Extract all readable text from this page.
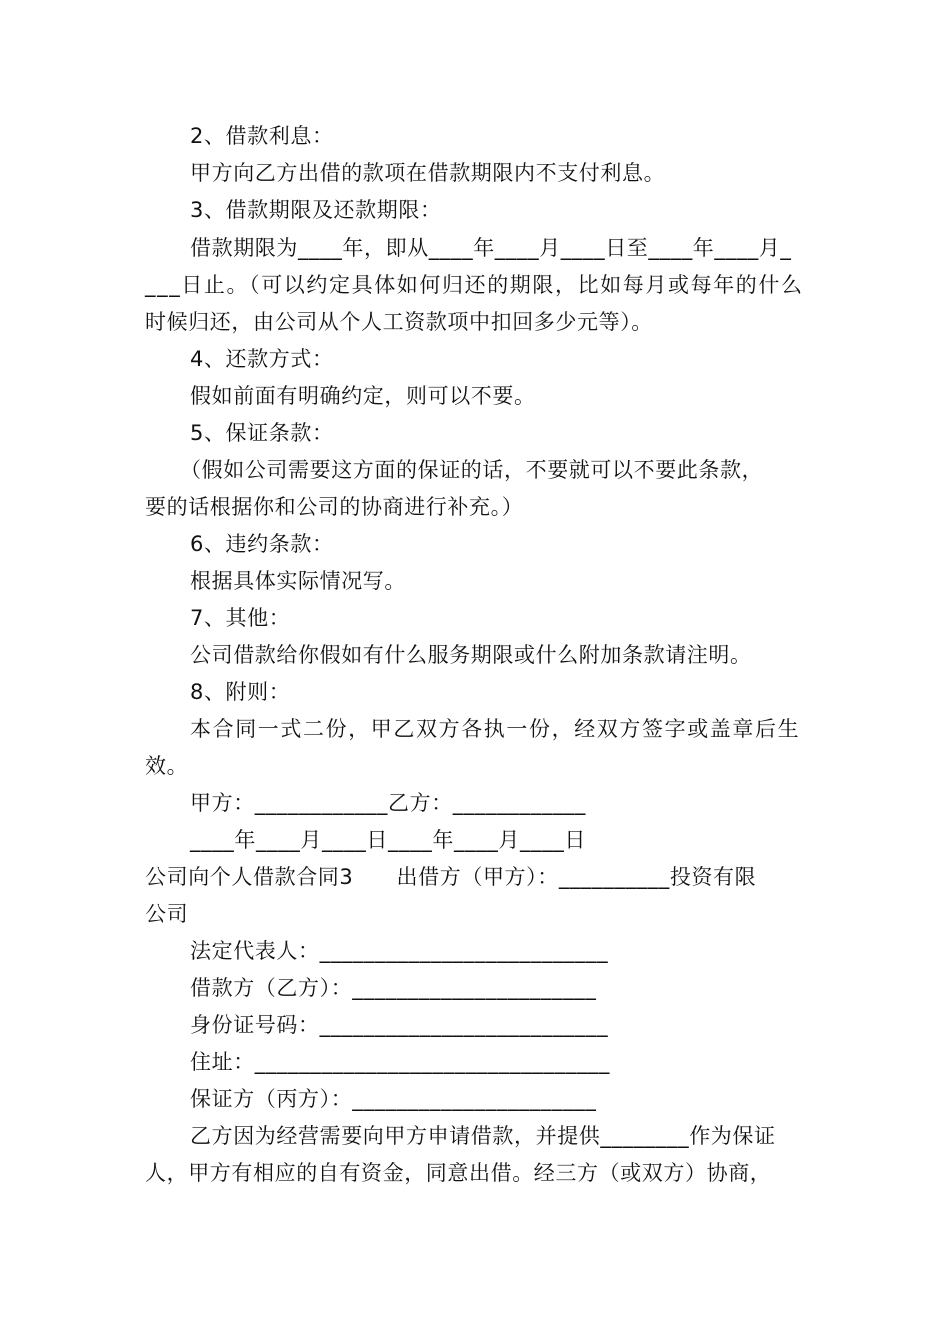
2、借款利息：
甲方向乙方出借的款项在借款期限内不支付利息。
3、借款期限及还款期限：
借款期限为____年，即从____年____月____日至____年____月_
___日止。（可以约定具体如何归还的期限，比如每月或每年的什么
时候归还，由公司从个人工资款项中扣回多少元等）。
4、还款方式：
假如前面有明确约定，则可以不要。
5、保证条款：
（假如公司需要这方面的保证的话，不要就可以不要此条款，
要的话根据你和公司的协商进行补充。）
6、违约条款：
根据具体实际情况写。
7、其他：
公司借款给你假如有什么服务期限或什么附加条款请注明。
8、附则：
本合同一式二份，甲乙双方各执一份，经双方签字或盖章后生
效。
甲方：____________乙方：____________
____年____月____日____年____月____日
公司向个人借款合同3　　出借方（甲方）：__________投资有限
公司
法定代表人：__________________________
借款方（乙方）：______________________
身份证号码：__________________________
住址：________________________________
保证方（丙方）：______________________
乙方因为经营需要向甲方申请借款，并提供________作为保证
人，甲方有相应的自有资金，同意出借。经三方（或双方）协商，
